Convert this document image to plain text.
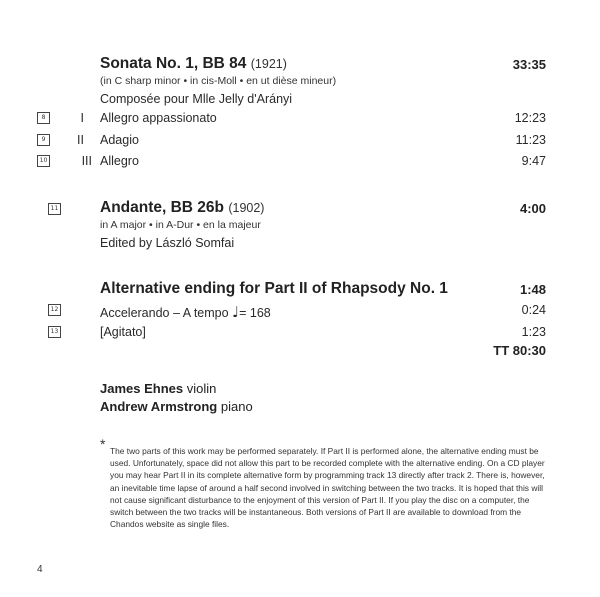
Sonata No. 1, BB 84 (1921)	33:35
(in C sharp minor • in cis-Moll • en ut dièse mineur)
Composée pour Mlle Jelly d'Arányi
8	I Allegro appassionato	12:23
9	II Adagio	11:23
10	III Allegro	9:47
11	Andante, BB 26b (1902)	4:00
in A major • in A-Dur • en la majeur
Edited by László Somfai
Alternative ending for Part II of Rhapsody No. 1	1:48
12	Accelerando – A tempo ♩= 168	0:24
13	[Agitato]	1:23
TT 80:30
James Ehnes violin
Andrew Armstrong piano
* The two parts of this work may be performed separately. If Part II is performed alone, the alternative ending must be used. Unfortunately, space did not allow this part to be recorded complete with the alternative ending. On a CD player you may hear Part II in its complete alternative form by programming track 13 directly after track 2. There is, however, an inevitable time lapse of around a half second involved in switching between the two tracks. It is hoped that this will not cause significant disturbance to the enjoyment of this version of Part II. If you play the disc on a computer, the switch between the two tracks will be instantaneous. Both versions of Part II are available to download from the Chandos website as single files.
4
